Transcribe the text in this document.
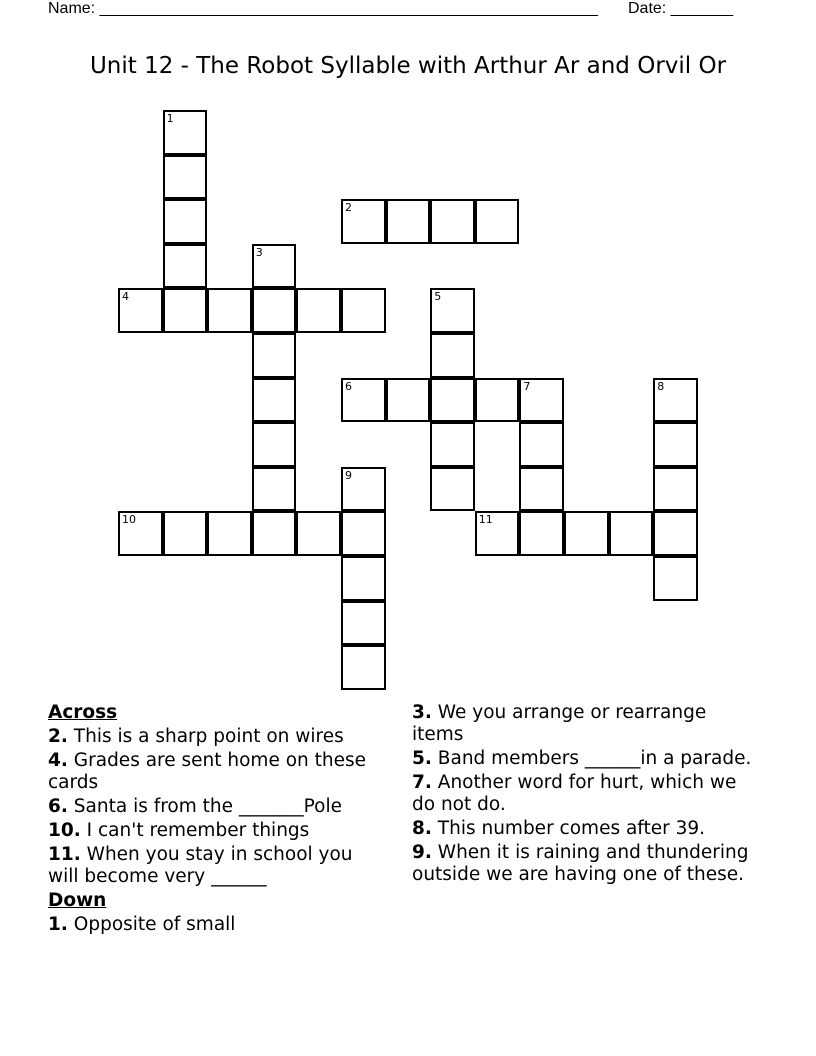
Name: ________________________________________________________ Date: _______
Unit 12 - The Robot Syllable with Arthur Ar and Orvil Or
1
2
3
4	5
6	7	8
9
10	11
Across
2. This is a sharp point on wires
4. Grades are sent home on these cards
6. Santa is from the _______Pole
10. I can't remember things
11. When you stay in school you will become very ______
Down
1. Opposite of small
3. We you arrange or rearrange items
5. Band members ______in a parade.
7. Another word for hurt, which we do not do.
8. This number comes after 39.
9. When it is raining and thundering outside we are having one of these.
